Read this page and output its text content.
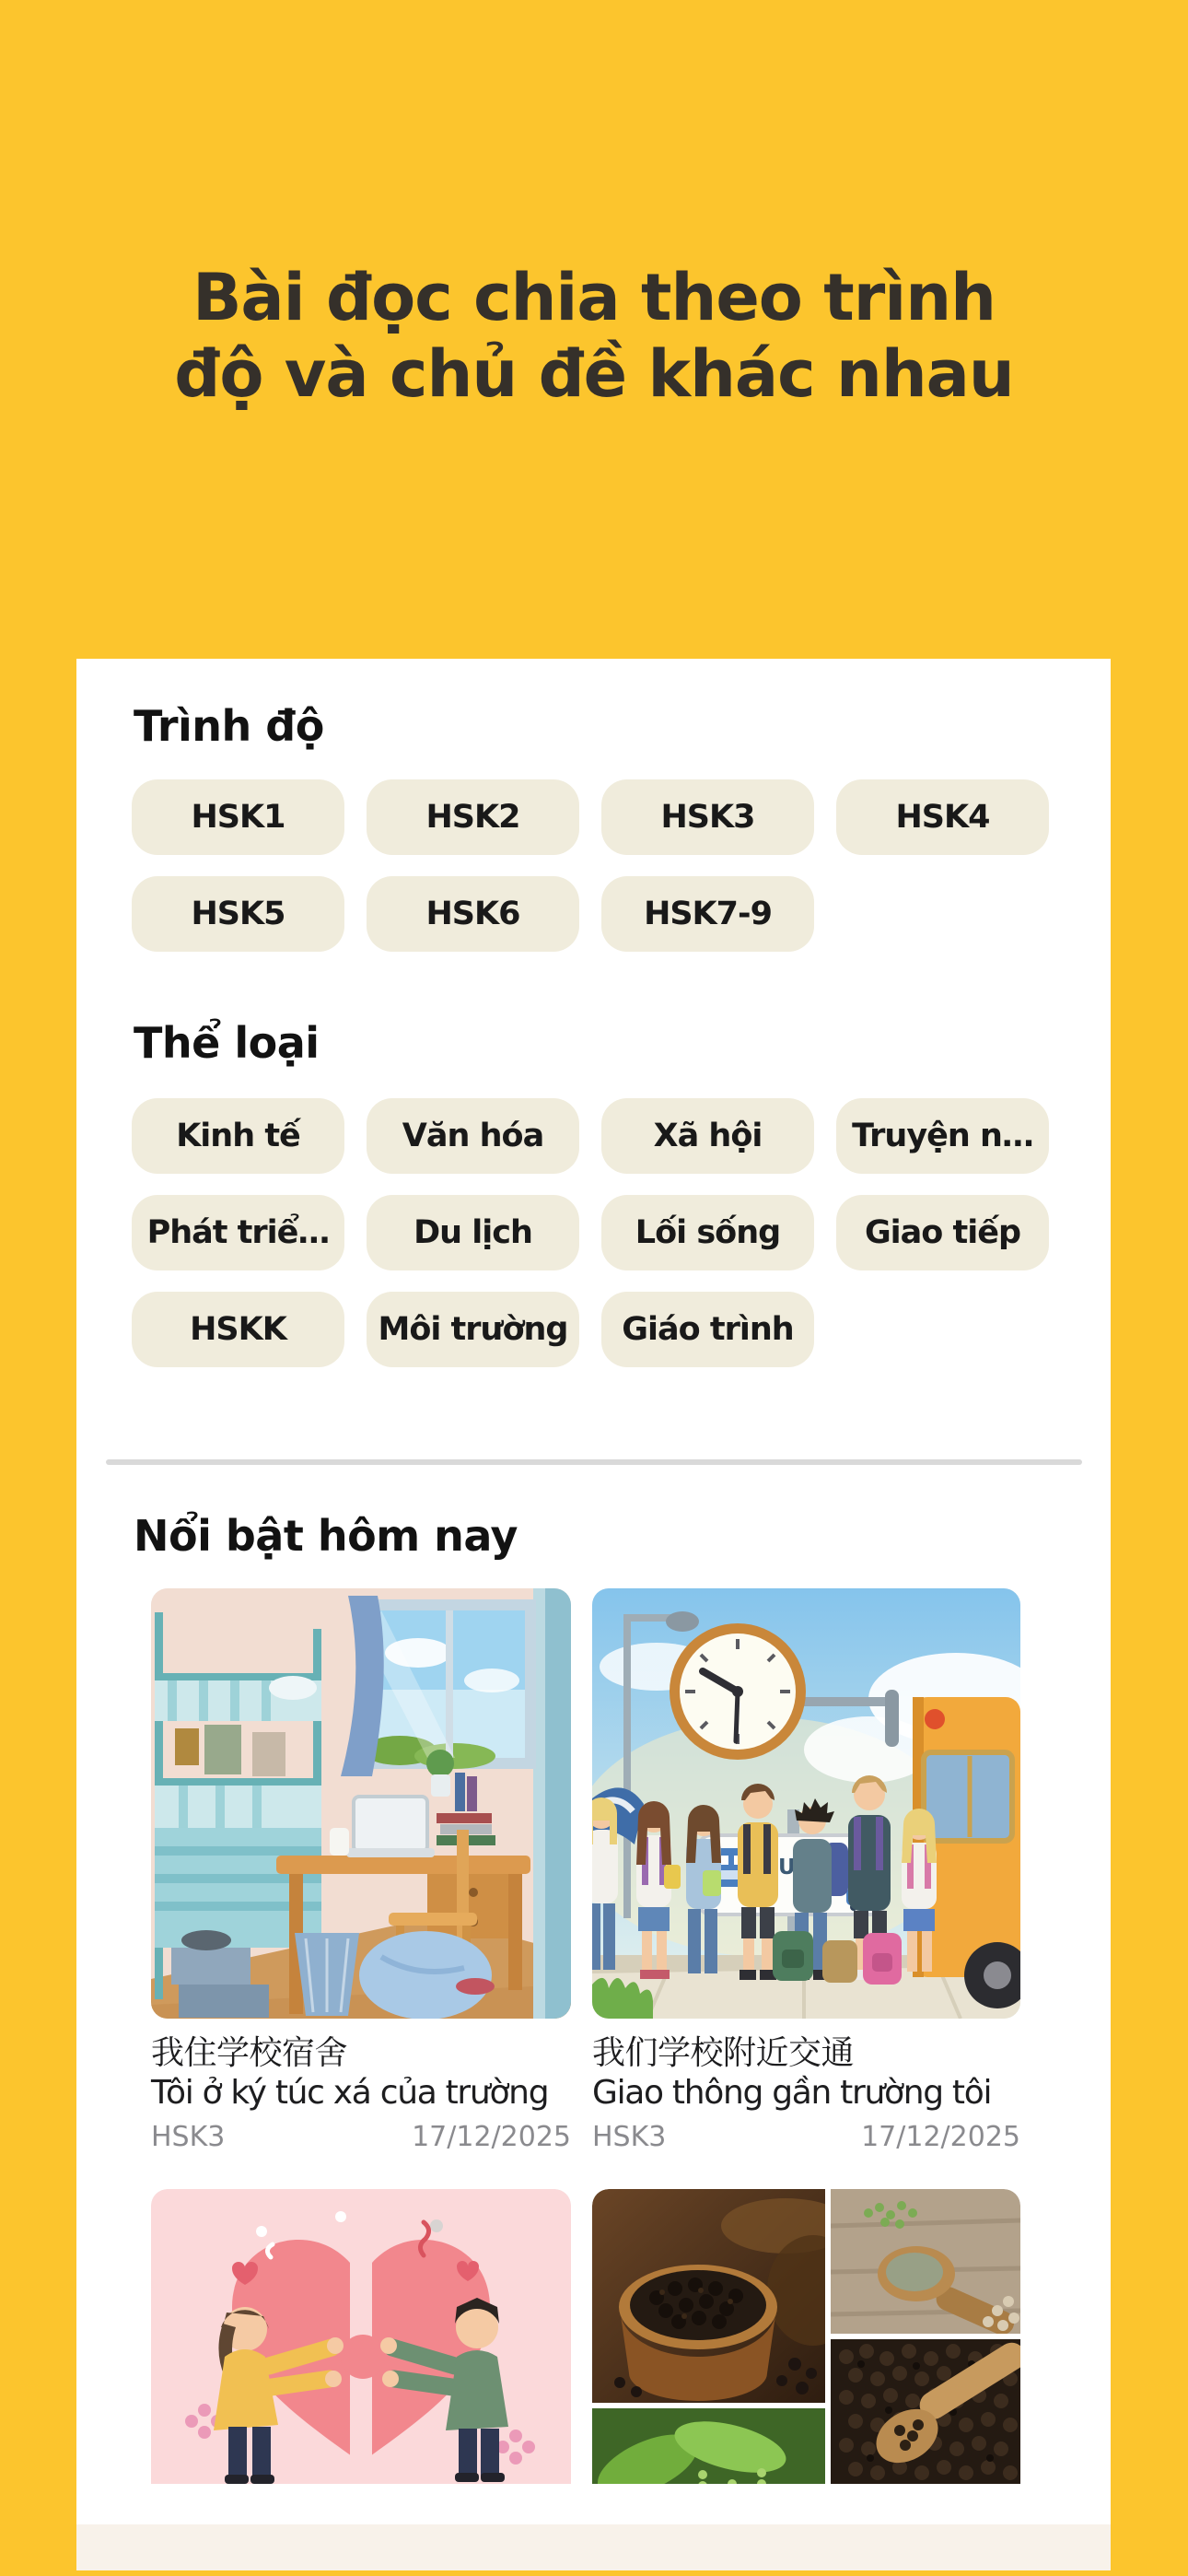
Bài đọc chia theo trình
độ và chủ đề khác nhau
Trình độ
HSK1	HSK2	HSK3	HSK4
HSK5	HSK6	HSK7-9
Thể loại
Kinh tế	Văn hóa	Xã hội	Truyện n…
Phát triể…	Du lịch	Lối sống	Giao tiếp
HSKK	Môi trường	Giáo trình
Nổi bật hôm nay
我住学校宿舍
Tôi ở ký túc xá của trường
HSK3	17/12/2025
BUS
我们学校附近交通
Giao thông gần trường tôi
HSK3	17/12/2025
